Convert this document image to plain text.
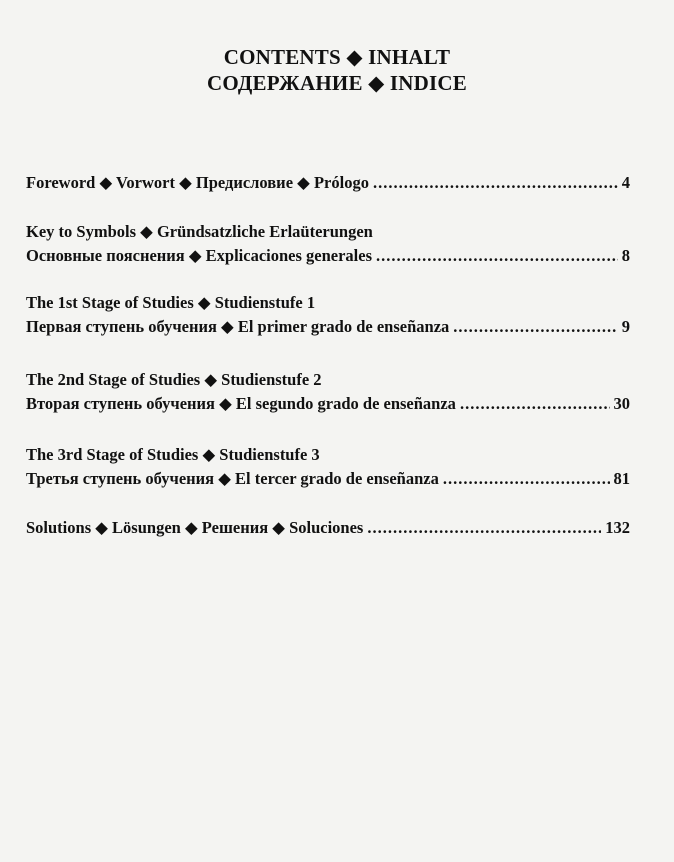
CONTENTS ◆ INHALT
СОДЕРЖАНИЕ ◆ INDICE
Foreword ◆ Vorwort ◆ Предисловие ◆ Prólogo .....	4
Key to Symbols ◆ Gründsatzliche Erlaüterungen
Основные пояснения ◆ Explicaciones generales .....	8
The 1st Stage of Studies ◆ Studienstufe 1
Первая ступень обучения ◆ El primer grado de enseñanza .....	9
The 2nd Stage of Studies ◆ Studienstufe 2
Вторая ступень обучения ◆ El segundo grado de enseñanza .....	30
The 3rd Stage of Studies ◆ Studienstufe 3
Третья ступень обучения ◆ El tercer grado de enseñanza .....	81
Solutions ◆ Lösungen ◆ Решения ◆ Soluciones .....	132
